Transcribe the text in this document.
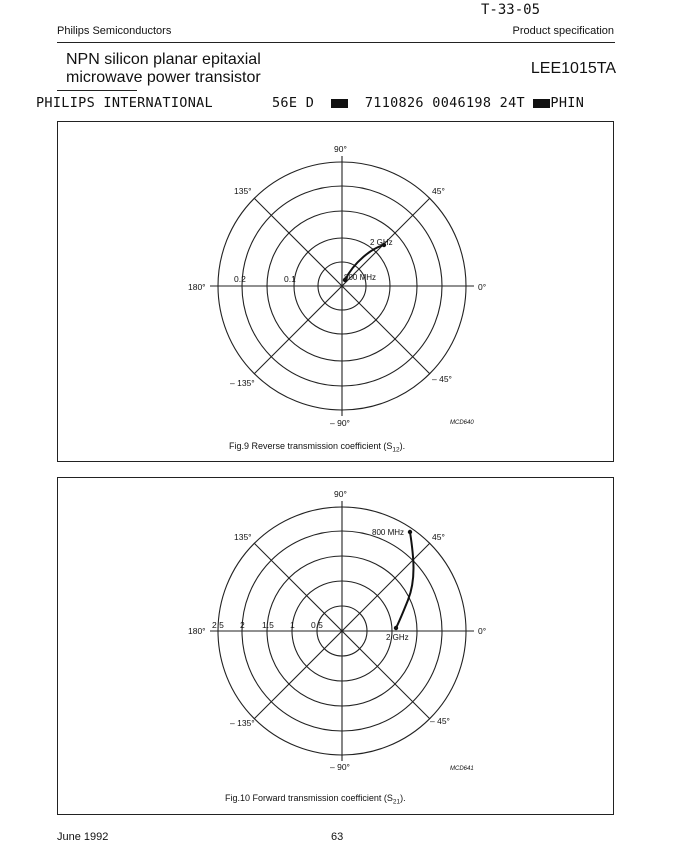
T-33-05
Philips Semiconductors	Product specification
NPN silicon planar epitaxial
microwave power transistor
LEE1015TA
PHILIPS INTERNATIONAL	56E D	7110826 0046198 24T PHIN
90°
0°
– 90°
180°
45°
135°
– 135°	– 45°
0.1
0.2	800 MHz
2 GHz
MCD640
Fig.9 Reverse transmission coefficient $(S_{12})$.
90°
0°
– 90°
180°
45°
135°
– 135°	– 45°
0.5
1
1.5
2
2.5
800 MHz
2 GHz
MCD641
Fig.10 Forward transmission coefficient $(S_{21})$.
June 1992	63
